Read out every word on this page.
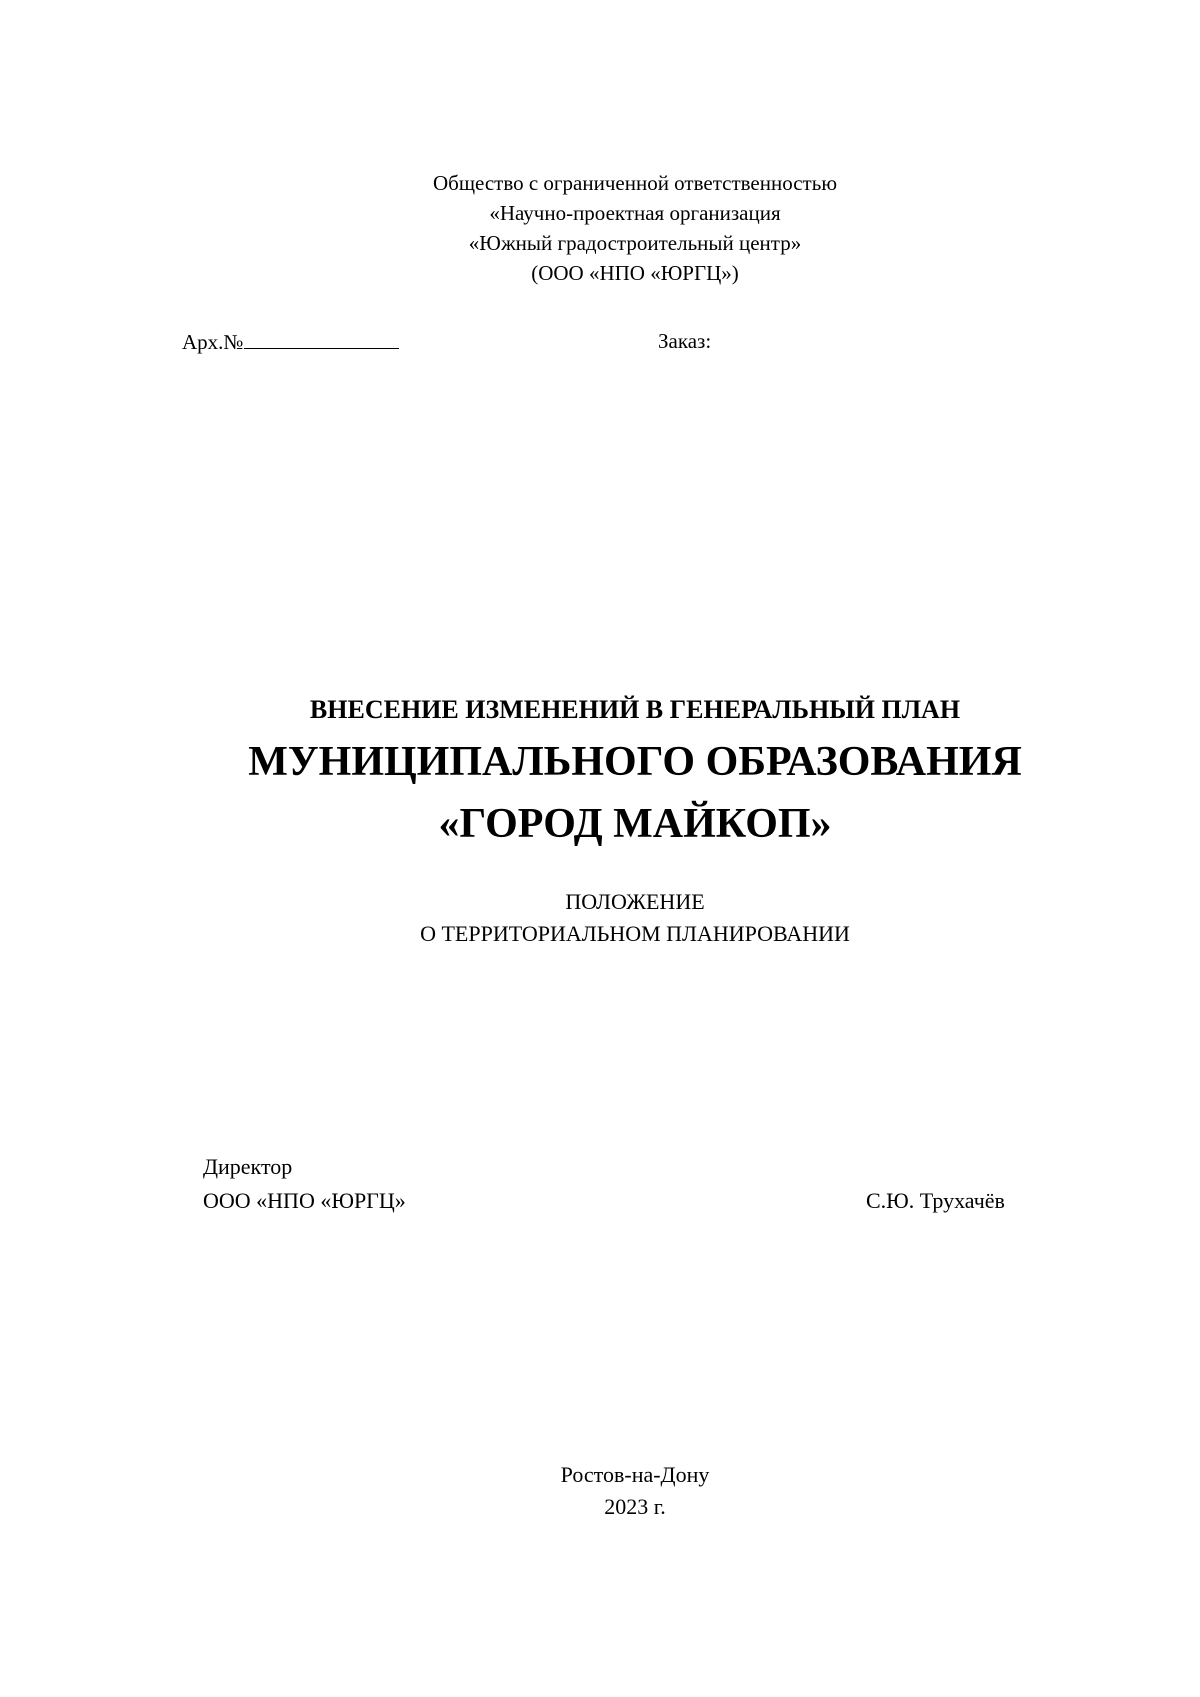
Общество с ограниченной ответственностью
«Научно-проектная организация
«Южный градостроительный центр»
(ООО «НПО «ЮРГЦ»)
Арх.№	Заказ:
ВНЕСЕНИЕ ИЗМЕНЕНИЙ В ГЕНЕРАЛЬНЫЙ ПЛАН
МУНИЦИПАЛЬНОГО ОБРАЗОВАНИЯ
«ГОРОД МАЙКОП»
ПОЛОЖЕНИЕ
О ТЕРРИТОРИАЛЬНОМ ПЛАНИРОВАНИИ
Директор
ООО «НПО «ЮРГЦ»	С.Ю. Трухачёв
Ростов-на-Дону
2023 г.
